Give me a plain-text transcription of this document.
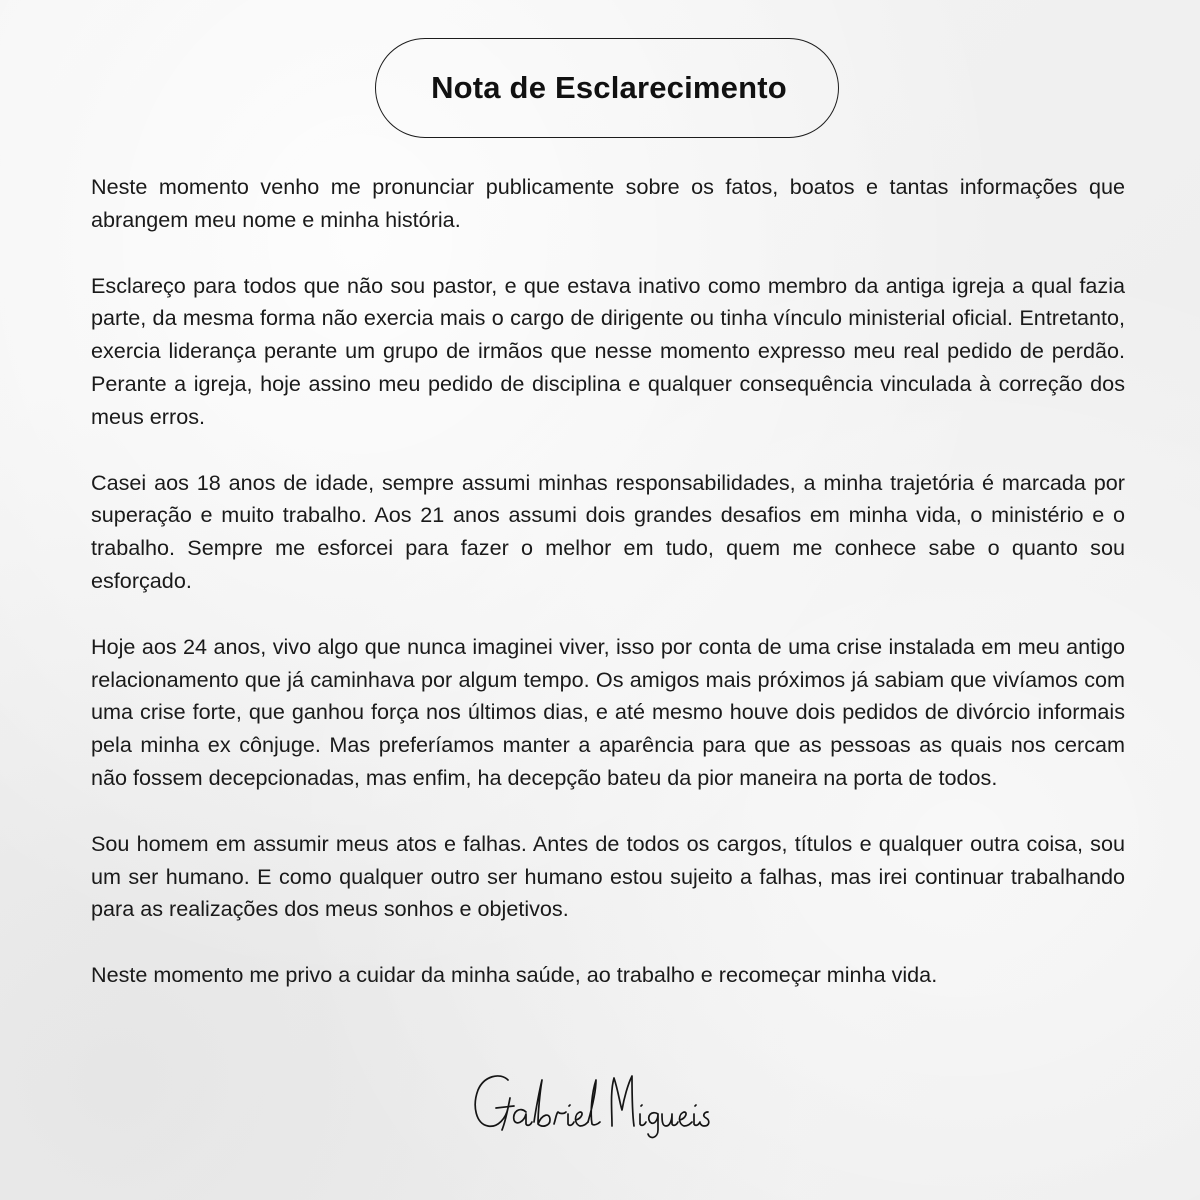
Nota de Esclarecimento

Neste momento venho me pronunciar publicamente sobre os fatos, boatos e tantas informações que abrangem meu nome e minha história.

Esclareço para todos que não sou pastor, e que estava inativo como membro da antiga igreja a qual fazia parte, da mesma forma não exercia mais o cargo de dirigente ou tinha vínculo ministerial oficial. Entretanto, exercia liderança perante um grupo de irmãos que nesse momento expresso meu real pedido de perdão. Perante a igreja, hoje assino meu pedido de disciplina e qualquer consequência vinculada à correção dos meus erros.

Casei aos 18 anos de idade, sempre assumi minhas responsabilidades, a minha trajetória é marcada por superação e muito trabalho. Aos 21 anos assumi dois grandes desafios em minha vida, o ministério e o trabalho. Sempre me esforcei para fazer o melhor em tudo, quem me conhece sabe o quanto sou esforçado.

Hoje aos 24 anos, vivo algo que nunca imaginei viver, isso por conta de uma crise instalada em meu antigo relacionamento que já caminhava por algum tempo. Os amigos mais próximos já sabiam que vivíamos com uma crise forte, que ganhou força nos últimos dias, e até mesmo houve dois pedidos de divórcio informais pela minha ex cônjuge. Mas preferíamos manter a aparência para que as pessoas as quais nos cercam não fossem decepcionadas, mas enfim, ha decepção bateu da pior maneira na porta de todos.

Sou homem em assumir meus atos e falhas. Antes de todos os cargos, títulos e qualquer outra coisa, sou um ser humano. E como qualquer outro ser humano estou sujeito a falhas, mas irei continuar trabalhando para as realizações dos meus sonhos e objetivos.

Neste momento me privo a cuidar da minha saúde, ao trabalho e recomeçar minha vida.
